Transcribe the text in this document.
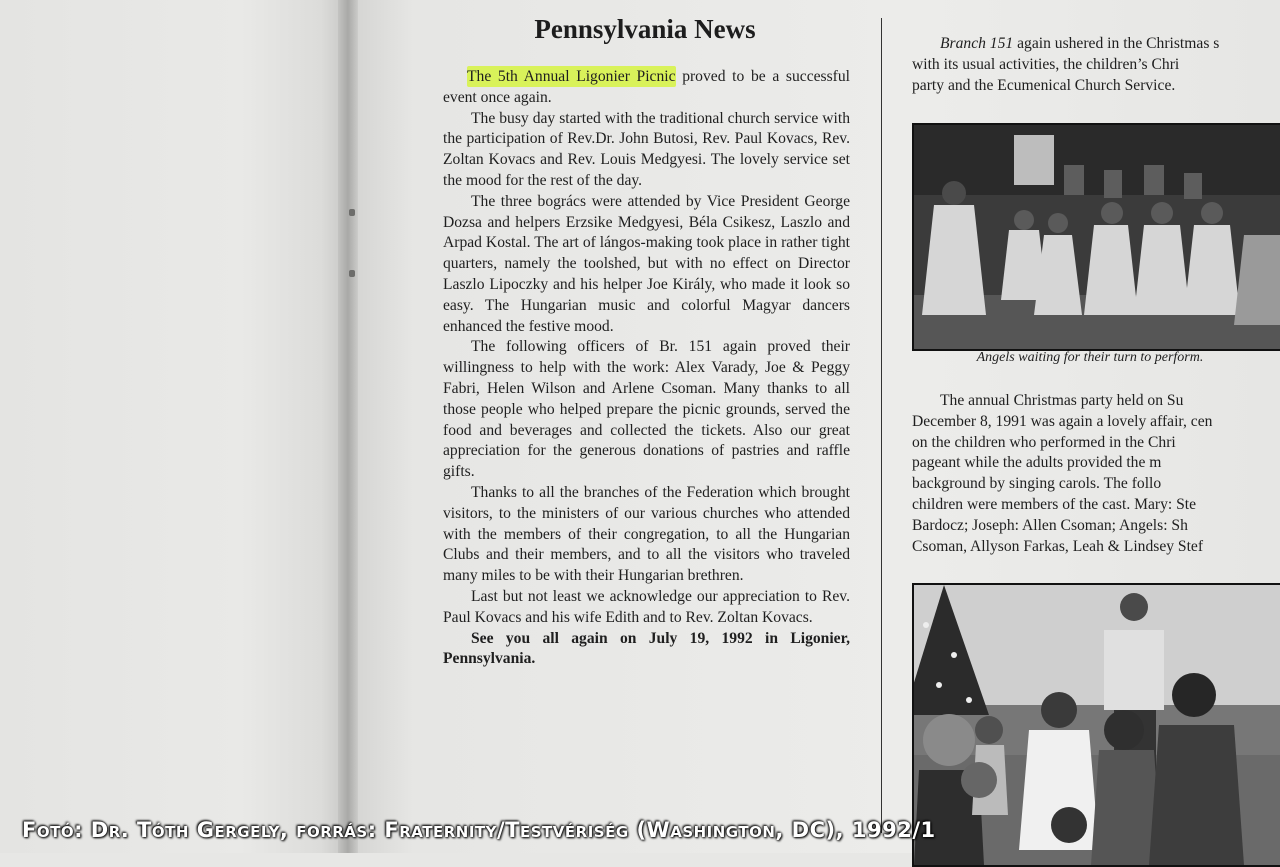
Pennsylvania News

The 5th Annual Ligonier Picnic proved to be a successful event once again.

The busy day started with the traditional church service with the participation of Rev.Dr. John Butosi, Rev. Paul Kovacs, Rev. Zoltan Kovacs and Rev. Louis Medgyesi. The lovely service set the mood for the rest of the day.

The three bogrács were attended by Vice President George Dozsa and helpers Erzsike Medgyesi, Béla Csikesz, Laszlo and Arpad Kostal. The art of lángos-making took place in rather tight quarters, namely the toolshed, but with no effect on Director Laszlo Lipoczky and his helper Joe Király, who made it look so easy. The Hungarian music and colorful Magyar dancers enhanced the festive mood.

The following officers of Br. 151 again proved their willingness to help with the work: Alex Varady, Joe & Peggy Fabri, Helen Wilson and Arlene Csoman. Many thanks to all those people who helped prepare the picnic grounds, served the food and beverages and collected the tickets. Also our great appreciation for the generous donations of pastries and raffle gifts.

Thanks to all the branches of the Federation which brought visitors, to the ministers of our various churches who attended with the members of their congregation, to all the Hungarian Clubs and their members, and to all the visitors who traveled many miles to be with their Hungarian brethren.

Last but not least we acknowledge our appreciation to Rev. Paul Kovacs and his wife Edith and to Rev. Zoltan Kovacs.

See you all again on July 19, 1992 in Ligonier, Pennsylvania.

Branch 151 again ushered in the Christmas s

with its usual activities, the children’s Chri

party and the Ecumenical Church Service.

Angels waiting for their turn to perform.

The annual Christmas party held on Su

December 8, 1991 was again a lovely affair, cen

on the children who performed in the Chri

pageant while the adults provided the m

background by singing carols. The follo

children were members of the cast. Mary: Ste

Bardocz; Joseph: Allen Csoman; Angels: Sh

Csoman, Allyson Farkas, Leah & Lindsey Stef

Fotó: Dr. Tóth Gergely, forrás: Fraternity/Testvériség (Washington, DC), 1992/1
